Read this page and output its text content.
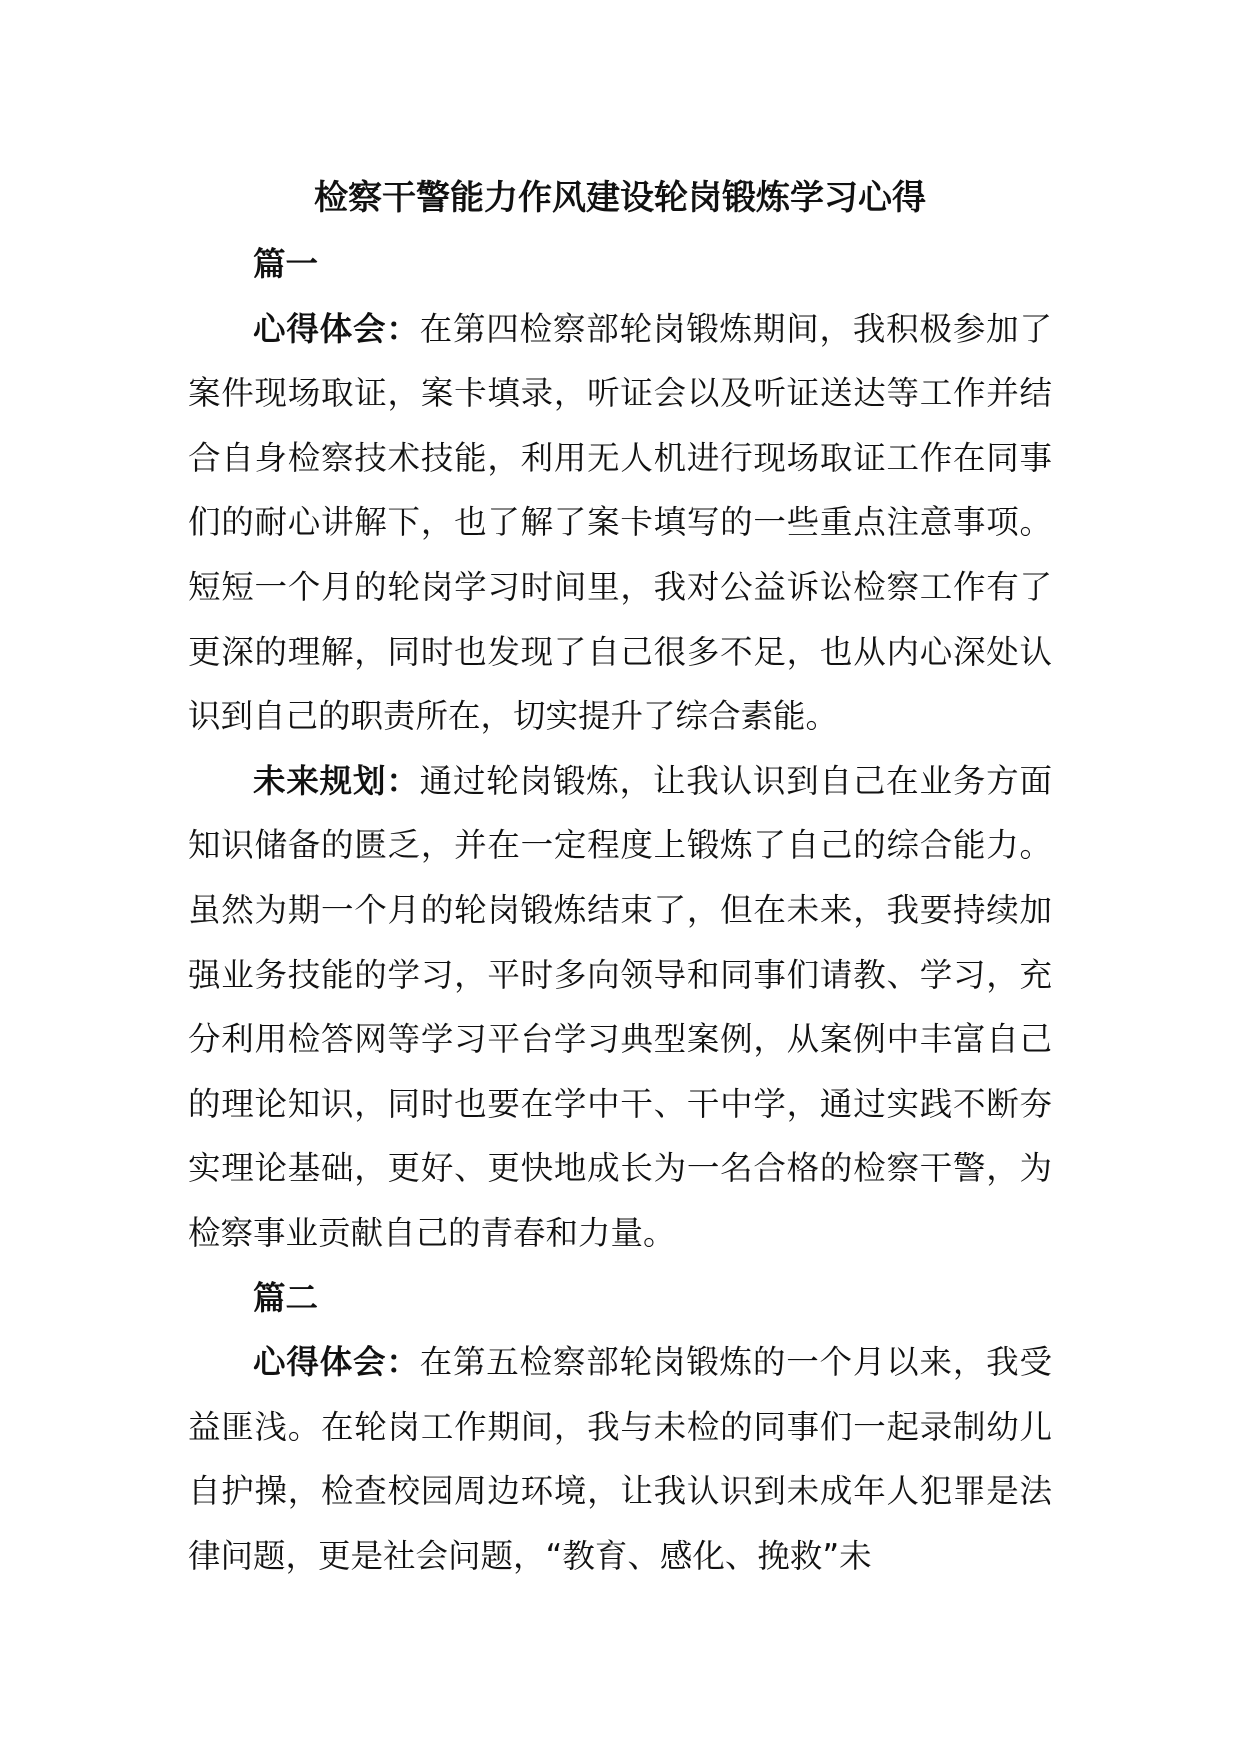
检察干警能力作风建设轮岗锻炼学习心得

篇一

心得体会：在第四检察部轮岗锻炼期间，我积极参加了案件现场取证，案卡填录，听证会以及听证送达等工作并结合自身检察技术技能，利用无人机进行现场取证工作在同事们的耐心讲解下，也了解了案卡填写的一些重点注意事项。短短一个月的轮岗学习时间里，我对公益诉讼检察工作有了更深的理解，同时也发现了自己很多不足，也从内心深处认识到自己的职责所在，切实提升了综合素能。

未来规划：通过轮岗锻炼，让我认识到自己在业务方面知识储备的匮乏，并在一定程度上锻炼了自己的综合能力。虽然为期一个月的轮岗锻炼结束了，但在未来，我要持续加强业务技能的学习，平时多向领导和同事们请教、学习，充分利用检答网等学习平台学习典型案例，从案例中丰富自己的理论知识，同时也要在学中干、干中学，通过实践不断夯实理论基础，更好、更快地成长为一名合格的检察干警，为检察事业贡献自己的青春和力量。

篇二

心得体会：在第五检察部轮岗锻炼的一个月以来，我受益匪浅。在轮岗工作期间，我与未检的同事们一起录制幼儿自护操，检查校园周边环境，让我认识到未成年人犯罪是法律问题，更是社会问题，“教育、感化、挽救”未
